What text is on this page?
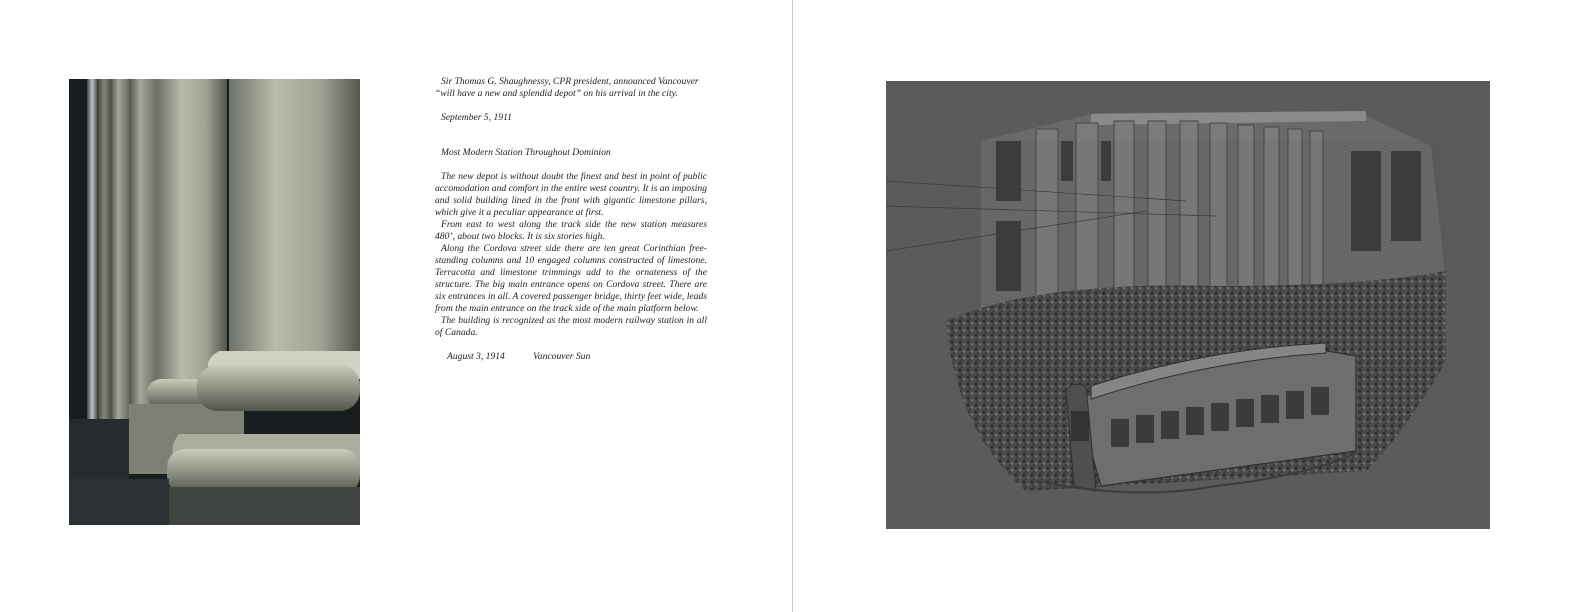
Sir Thomas G. Shaughnessy, CPR president, announced Vancouver
“will have a new and splendid depot” on his arrival in the city.

September 5, 1911

Most Modern Station Throughout Dominion

The new depot is without doubt the finest and best in point of public accomodation and comfort in the entire west country. It is an imposing and solid building lined in the front with gigantic limestone pillars, which give it a peculiar appearance at first.

From east to west along the track side the new station measures 480’, about two blocks. It is six stories high.

Along the Cordova street side there are ten great Corinthian free-standing columns and 10 engaged columns constructed of limestone. Terracotta and limestone trimmings add to the ornateness of the structure. The big main entrance opens on Cordova street. There are six entrances in all. A covered passenger bridge, thirty feet wide, leads from the main entrance on the track side of the main platform below.

The building is recognized as the most modern railway station in all of Canada.

August 3, 1914	Vancouver Sun
